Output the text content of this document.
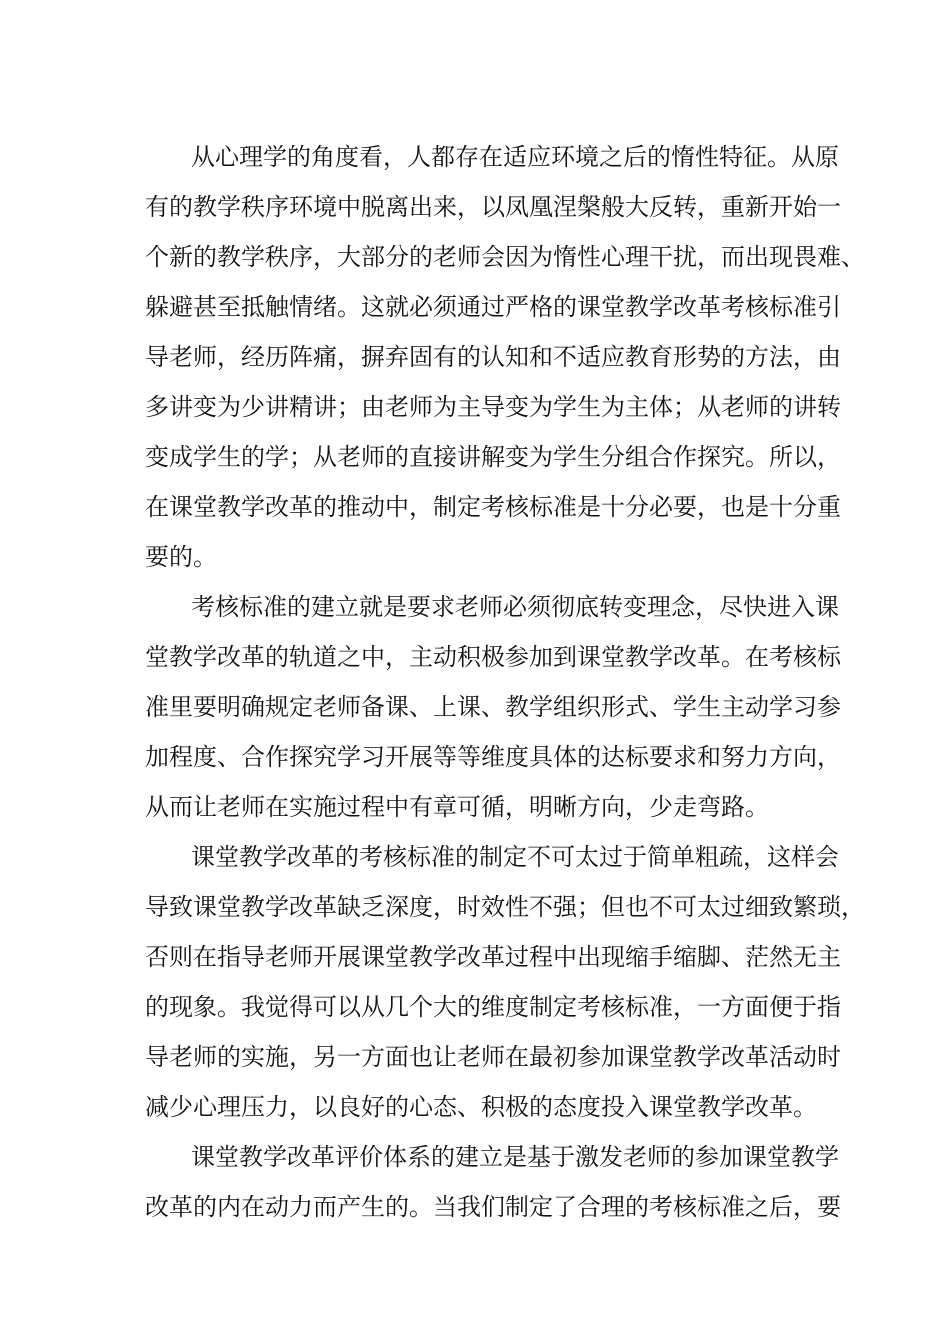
从心理学的角度看，人都存在适应环境之后的惰性特征。从原
有的教学秩序环境中脱离出来，以凤凰涅槃般大反转，重新开始一
个新的教学秩序，大部分的老师会因为惰性心理干扰，而出现畏难、
躲避甚至抵触情绪。这就必须通过严格的课堂教学改革考核标准引
导老师，经历阵痛，摒弃固有的认知和不适应教育形势的方法，由
多讲变为少讲精讲；由老师为主导变为学生为主体；从老师的讲转
变成学生的学；从老师的直接讲解变为学生分组合作探究。所以，
在课堂教学改革的推动中，制定考核标准是十分必要，也是十分重
要的。
考核标准的建立就是要求老师必须彻底转变理念，尽快进入课
堂教学改革的轨道之中，主动积极参加到课堂教学改革。在考核标
准里要明确规定老师备课、上课、教学组织形式、学生主动学习参
加程度、合作探究学习开展等等维度具体的达标要求和努力方向，
从而让老师在实施过程中有章可循，明晰方向，少走弯路。
课堂教学改革的考核标准的制定不可太过于简单粗疏，这样会
导致课堂教学改革缺乏深度，时效性不强；但也不可太过细致繁琐，
否则在指导老师开展课堂教学改革过程中出现缩手缩脚、茫然无主
的现象。我觉得可以从几个大的维度制定考核标准，一方面便于指
导老师的实施，另一方面也让老师在最初参加课堂教学改革活动时
减少心理压力，以良好的心态、积极的态度投入课堂教学改革。
课堂教学改革评价体系的建立是基于激发老师的参加课堂教学
改革的内在动力而产生的。当我们制定了合理的考核标准之后，要
